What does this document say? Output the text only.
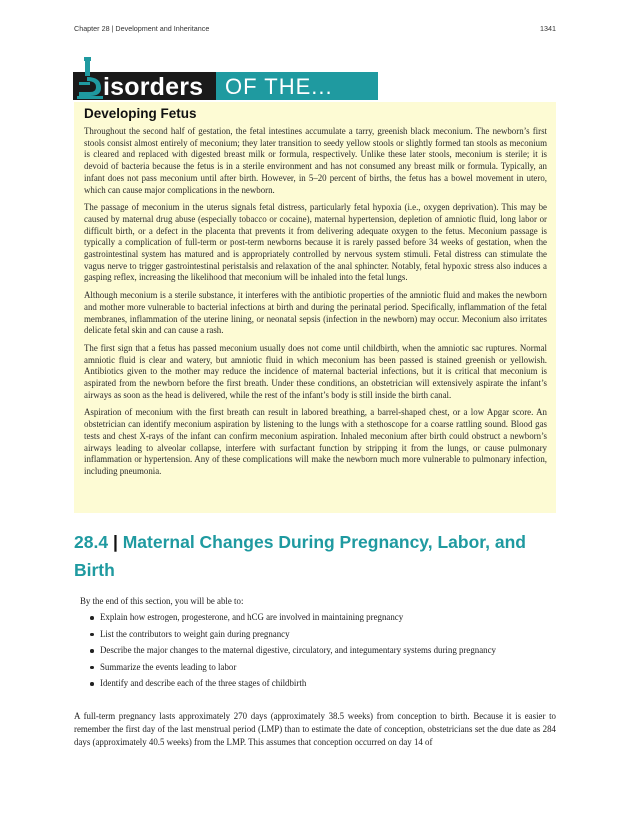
Chapter 28 | Development and Inheritance	1341
D
isorders OF THE...
Developing Fetus

Throughout the second half of gestation, the fetal intestines accumulate a tarry, greenish black meconium. The newborn’s first stools consist almost entirely of meconium; they later transition to seedy yellow stools or slightly formed tan stools as meconium is cleared and replaced with digested breast milk or formula, respectively. Unlike these later stools, meconium is sterile; it is devoid of bacteria because the fetus is in a sterile environment and has not consumed any breast milk or formula. Typically, an infant does not pass meconium until after birth. However, in 5–20 percent of births, the fetus has a bowel movement in utero, which can cause major complications in the newborn.

The passage of meconium in the uterus signals fetal distress, particularly fetal hypoxia (i.e., oxygen deprivation). This may be caused by maternal drug abuse (especially tobacco or cocaine), maternal hypertension, depletion of amniotic fluid, long labor or difficult birth, or a defect in the placenta that prevents it from delivering adequate oxygen to the fetus. Meconium passage is typically a complication of full-term or post-term newborns because it is rarely passed before 34 weeks of gestation, when the gastrointestinal system has matured and is appropriately controlled by nervous system stimuli. Fetal distress can stimulate the vagus nerve to trigger gastrointestinal peristalsis and relaxation of the anal sphincter. Notably, fetal hypoxic stress also induces a gasping reflex, increasing the likelihood that meconium will be inhaled into the fetal lungs.

Although meconium is a sterile substance, it interferes with the antibiotic properties of the amniotic fluid and makes the newborn and mother more vulnerable to bacterial infections at birth and during the perinatal period. Specifically, inflammation of the fetal membranes, inflammation of the uterine lining, or neonatal sepsis (infection in the newborn) may occur. Meconium also irritates delicate fetal skin and can cause a rash.

The first sign that a fetus has passed meconium usually does not come until childbirth, when the amniotic sac ruptures. Normal amniotic fluid is clear and watery, but amniotic fluid in which meconium has been passed is stained greenish or yellowish. Antibiotics given to the mother may reduce the incidence of maternal bacterial infections, but it is critical that meconium is aspirated from the newborn before the first breath. Under these conditions, an obstetrician will extensively aspirate the infant’s airways as soon as the head is delivered, while the rest of the infant’s body is still inside the birth canal.

Aspiration of meconium with the first breath can result in labored breathing, a barrel-shaped chest, or a low Apgar score. An obstetrician can identify meconium aspiration by listening to the lungs with a stethoscope for a coarse rattling sound. Blood gas tests and chest X-rays of the infant can confirm meconium aspiration. Inhaled meconium after birth could obstruct a newborn’s airways leading to alveolar collapse, interfere with surfactant function by stripping it from the lungs, or cause pulmonary inflammation or hypertension. Any of these complications will make the newborn much more vulnerable to pulmonary infection, including pneumonia.

28.4 | Maternal Changes During Pregnancy, Labor, and Birth

By the end of this section, you will be able to:

Explain how estrogen, progesterone, and hCG are involved in maintaining pregnancy
List the contributors to weight gain during pregnancy
Describe the major changes to the maternal digestive, circulatory, and integumentary systems during pregnancy
Summarize the events leading to labor
Identify and describe each of the three stages of childbirth

A full-term pregnancy lasts approximately 270 days (approximately 38.5 weeks) from conception to birth. Because it is easier to remember the first day of the last menstrual period (LMP) than to estimate the date of conception, obstetricians set the due date as 284 days (approximately 40.5 weeks) from the LMP. This assumes that conception occurred on day 14 of
